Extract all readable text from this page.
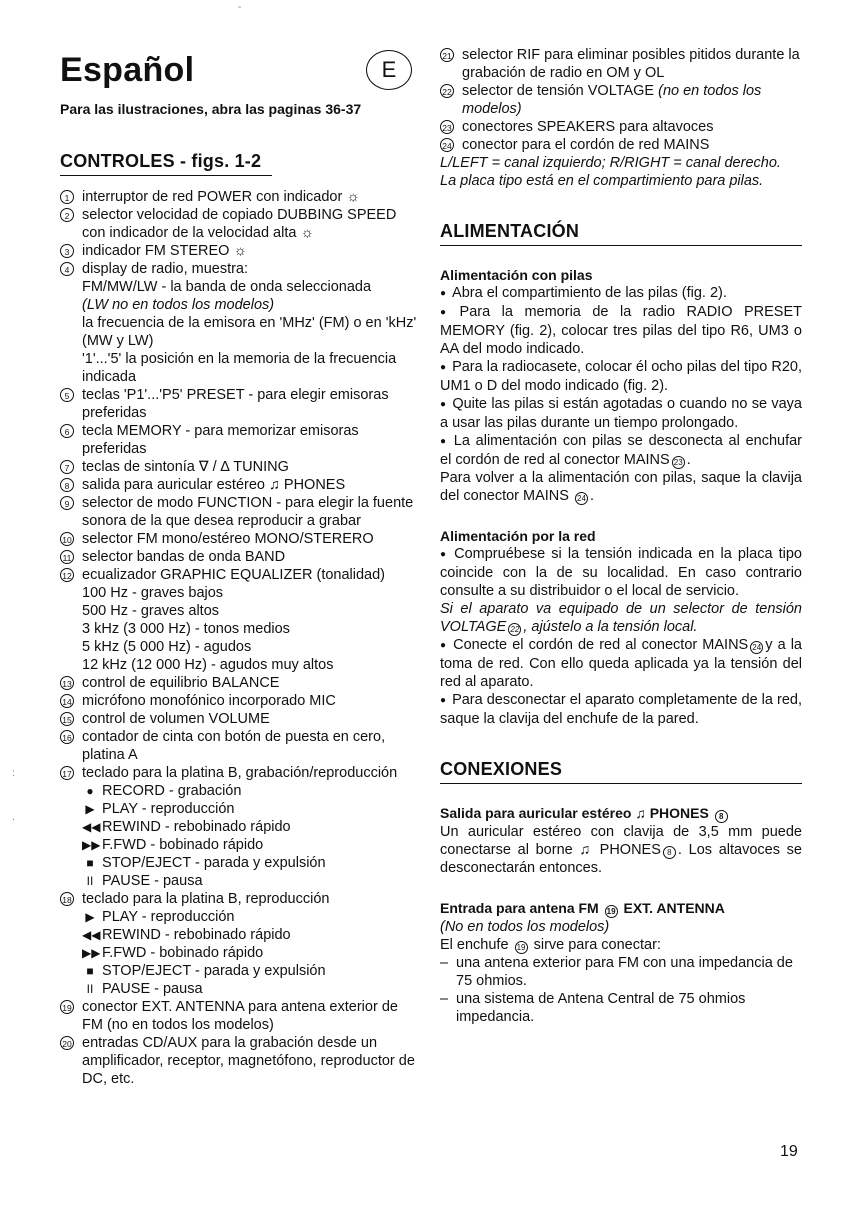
Español	E
Para las ilustraciones, abra las paginas 36-37
CONTROLES - figs. 1-2
1 interruptor de red POWER con indicador ☼
2 selector velocidad de copiado DUBBING SPEED
con indicador de la velocidad alta ☼
3 indicador FM STEREO ☼
4 display de radio, muestra:
FM/MW/LW - la banda de onda seleccionada
(LW no en todos los modelos)
la frecuencia de la emisora en 'MHz' (FM) o en 'kHz' (MW y LW)
'1'...'5' la posición en la memoria de la frecuencia indicada
5 teclas 'P1'...'P5' PRESET - para elegir emisoras preferidas
6 tecla MEMORY - para memorizar emisoras preferidas
7 teclas de sintonía ∇ / ∆ TUNING
8 salida para auricular estéreo ♫ PHONES
9 selector de modo FUNCTION - para elegir la fuente sonora de la que desea reproducir a grabar
10 selector FM mono/estéreo MONO/STERERO
11 selector bandas de onda BAND
12 ecualizador GRAPHIC EQUALIZER (tonalidad)
100 Hz - graves bajos
500 Hz - graves altos
3 kHz (3 000 Hz) - tonos medios
5 kHz (5 000 Hz) - agudos
12 kHz (12 000 Hz) - agudos muy altos
13 control de equilibrio BALANCE
14 micrófono monofónico incorporado MIC
15 control de volumen VOLUME
16 contador de cinta con botón de puesta en cero, platina A
17 teclado para la platina B, grabación/reproducción
● RECORD - grabación
▶ PLAY - reproducción
◀◀ REWIND - rebobinado rápido
▶▶ F.FWD - bobinado rápido
■ STOP/EJECT - parada y expulsión
II PAUSE - pausa
18 teclado para la platina B, reproducción
▶ PLAY - reproducción
◀◀ REWIND - rebobinado rápido
▶▶ F.FWD - bobinado rápido
■ STOP/EJECT - parada y expulsión
II PAUSE - pausa
19 conector EXT. ANTENNA para antena exterior de FM (no en todos los modelos)
20 entradas CD/AUX para la grabación desde un amplificador, receptor, magnetófono, reproductor de DC, etc.
21 selector RIF para eliminar posibles pitidos durante la grabación de radio en OM y OL
22 selector de tensión VOLTAGE (no en todos los modelos)
23 conectores SPEAKERS para altavoces
24 conector para el cordón de red MAINS
L/LEFT = canal izquierdo; R/RIGHT = canal derecho.
La placa tipo está en el compartimiento para pilas.
ALIMENTACIÓN
Alimentación con pilas
● Abra el compartimiento de las pilas (fig. 2).
● Para la memoria de la radio RADIO PRESET MEMORY (fig. 2), colocar tres pilas del tipo R6, UM3 o AA del modo indicado.
● Para la radiocasete, colocar él ocho pilas del tipo R20, UM1 o D del modo indicado (fig. 2).
● Quite las pilas si están agotadas o cuando no se vaya a usar las pilas durante un tiempo prolongado.
● La alimentación con pilas se desconecta al enchufar el cordón de red al conector MAINS 23 .
Para volver a la alimentación con pilas, saque la clavija del conector MAINS 24 .
Alimentación por la red
● Compruébese si la tensión indicada en la placa tipo coincide con la de su localidad. En caso contrario consulte a su distribuidor o el local de servicio.
Si el aparato va equipado de un selector de tensión VOLTAGE 22 , ajústelo a la tensión local.
● Conecte el cordón de red al conector MAINS 24 y a la toma de red. Con ello queda aplicada ya la tensión del red al aparato.
● Para desconectar el aparato completamente de la red, saque la clavija del enchufe de la pared.
CONEXIONES
Salida para auricular estéreo ♫ PHONES 8
Un auricular estéreo con clavija de 3,5 mm puede conectarse al borne ♫ PHONES 8 . Los altavoces se desconectarán entonces.
Entrada para antena FM 19 EXT. ANTENNA
(No en todos los modelos)
El enchufe 19 sirve para conectar:
– una antena exterior para FM con una impedancia de 75 ohmios.
– una sistema de Antena Central de 75 ohmios impedancia.
19
-
:
.
